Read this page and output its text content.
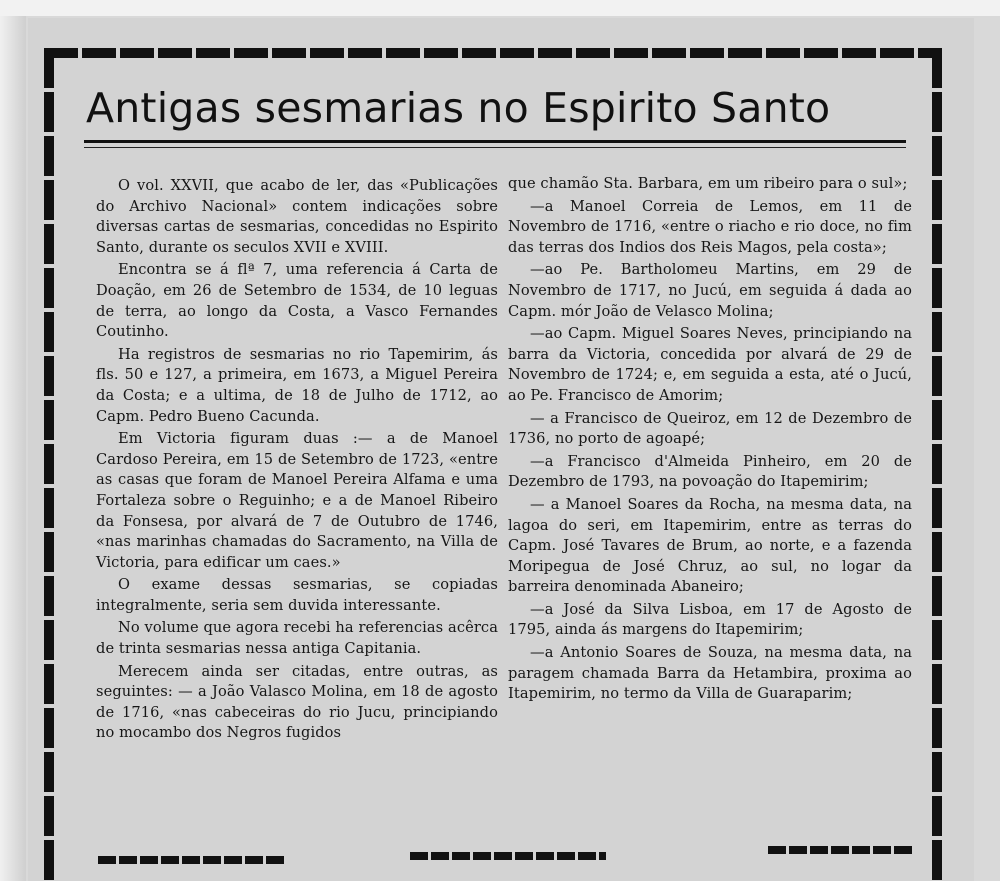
Antigas sesmarias no Espirito Santo

O vol. XXVII, que acabo de ler, das «Publicações do Archivo Nacional» contem indicações sobre diversas cartas de sesmarias, concedidas no Espirito Santo, durante os seculos XVII e XVIII.

Encontra se á flª 7, uma referencia á Carta de Doação, em 26 de Setembro de 1534, de 10 leguas de terra, ao longo da Costa, a Vasco Fernandes Coutinho.

Ha registros de sesmarias no rio Tapemirim, ás fls. 50 e 127, a primeira, em 1673, a Miguel Pereira da Costa; e a ultima, de 18 de Julho de 1712, ao Capm. Pedro Bueno Cacunda.

Em Victoria figuram duas :— a de Manoel Cardoso Pereira, em 15 de Setembro de 1723, «entre as casas que foram de Manoel Pereira Alfama e uma Fortaleza sobre o Reguinho; e a de Manoel Ribeiro da Fonsesa, por alvará de 7 de Outubro de 1746, «nas marinhas chamadas do Sacramento, na Villa de Victoria, para edificar um caes.»

O exame dessas sesmarias, se copiadas integralmente, seria sem duvida interessante.

No volume que agora recebi ha referencias acêrca de trinta sesmarias nessa antiga Capitania.

Merecem ainda ser citadas, entre outras, as seguintes: — a João Valasco Molina, em 18 de agosto de 1716, «nas cabeceiras do rio Jucu, principiando no mocambo dos Negros fugidos

que chamão Sta. Barbara, em um ribeiro para o sul»;

—a Manoel Correia de Lemos, em 11 de Novembro de 1716, «entre o riacho e rio doce, no fim das terras dos Indios dos Reis Magos, pela costa»;

—ao Pe. Bartholomeu Martins, em 29 de Novembro de 1717, no Jucú, em seguida á dada ao Capm. mór João de Velasco Molina;

—ao Capm. Miguel Soares Neves, principiando na barra da Victoria, concedida por alvará de 29 de Novembro de 1724; e, em seguida a esta, até o Jucú, ao Pe. Francisco de Amorim;

— a Francisco de Queiroz, em 12 de Dezembro de 1736, no porto de agoapé;

—a Francisco d'Almeida Pinheiro, em 20 de Dezembro de 1793, na povoação do Itapemirim;

— a Manoel Soares da Rocha, na mesma data, na lagoa do seri, em Itapemirim, entre as terras do Capm. José Tavares de Brum, ao norte, e a fazenda Moripegua de José Chruz, ao sul, no logar da barreira denominada Abaneiro;

—a José da Silva Lisboa, em 17 de Agosto de 1795, ainda ás margens do Itapemirim;

—a Antonio Soares de Souza, na mesma data, na paragem chamada Barra da Hetambira, proxima ao Itapemirim, no termo da Villa de Guaraparim;
